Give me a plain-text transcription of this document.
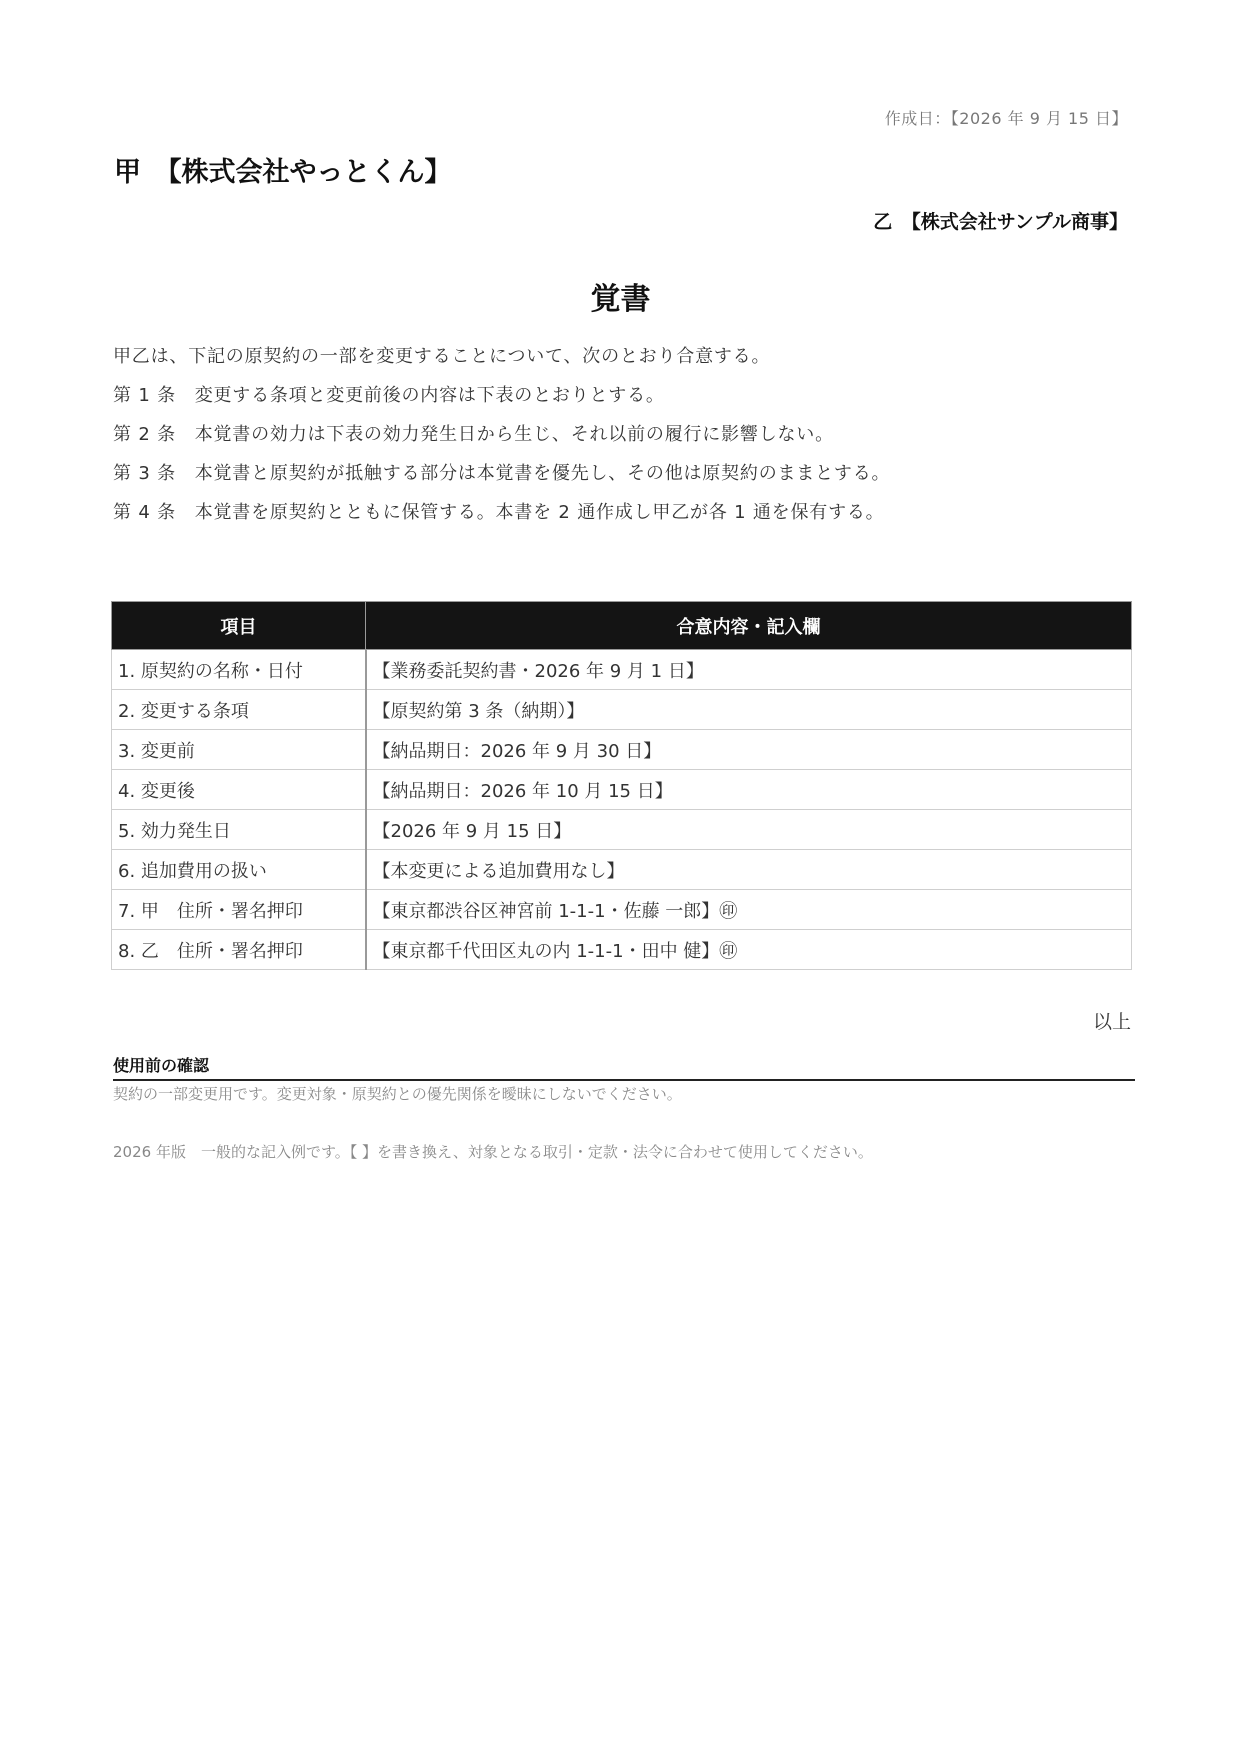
作成日：【2026 年 9 月 15 日】
甲　【株式会社やっとくん】
乙　【株式会社サンプル商事】
覚書
甲乙は、下記の原契約の一部を変更することについて、次のとおり合意する。
第 1 条　変更する条項と変更前後の内容は下表のとおりとする。
第 2 条　本覚書の効力は下表の効力発生日から生じ、それ以前の履行に影響しない。
第 3 条　本覚書と原契約が抵触する部分は本覚書を優先し、その他は原契約のままとする。
第 4 条　本覚書を原契約とともに保管する。本書を 2 通作成し甲乙が各 1 通を保有する。
項目	合意内容・記入欄
1. 原契約の名称・日付	【業務委託契約書・2026 年 9 月 1 日】
2. 変更する条項	【原契約第 3 条（納期）】
3. 変更前	【納品期日：2026 年 9 月 30 日】
4. 変更後	【納品期日：2026 年 10 月 15 日】
5. 効力発生日	【2026 年 9 月 15 日】
6. 追加費用の扱い	【本変更による追加費用なし】
7. 甲　住所・署名押印	【東京都渋谷区神宮前 1-1-1・佐藤 一郎】㊞
8. 乙　住所・署名押印	【東京都千代田区丸の内 1-1-1・田中 健】㊞
以上
使用前の確認
契約の一部変更用です。変更対象・原契約との優先関係を曖昧にしないでください。
2026 年版　一般的な記入例です。【 】を書き換え、対象となる取引・定款・法令に合わせて使用してください。
